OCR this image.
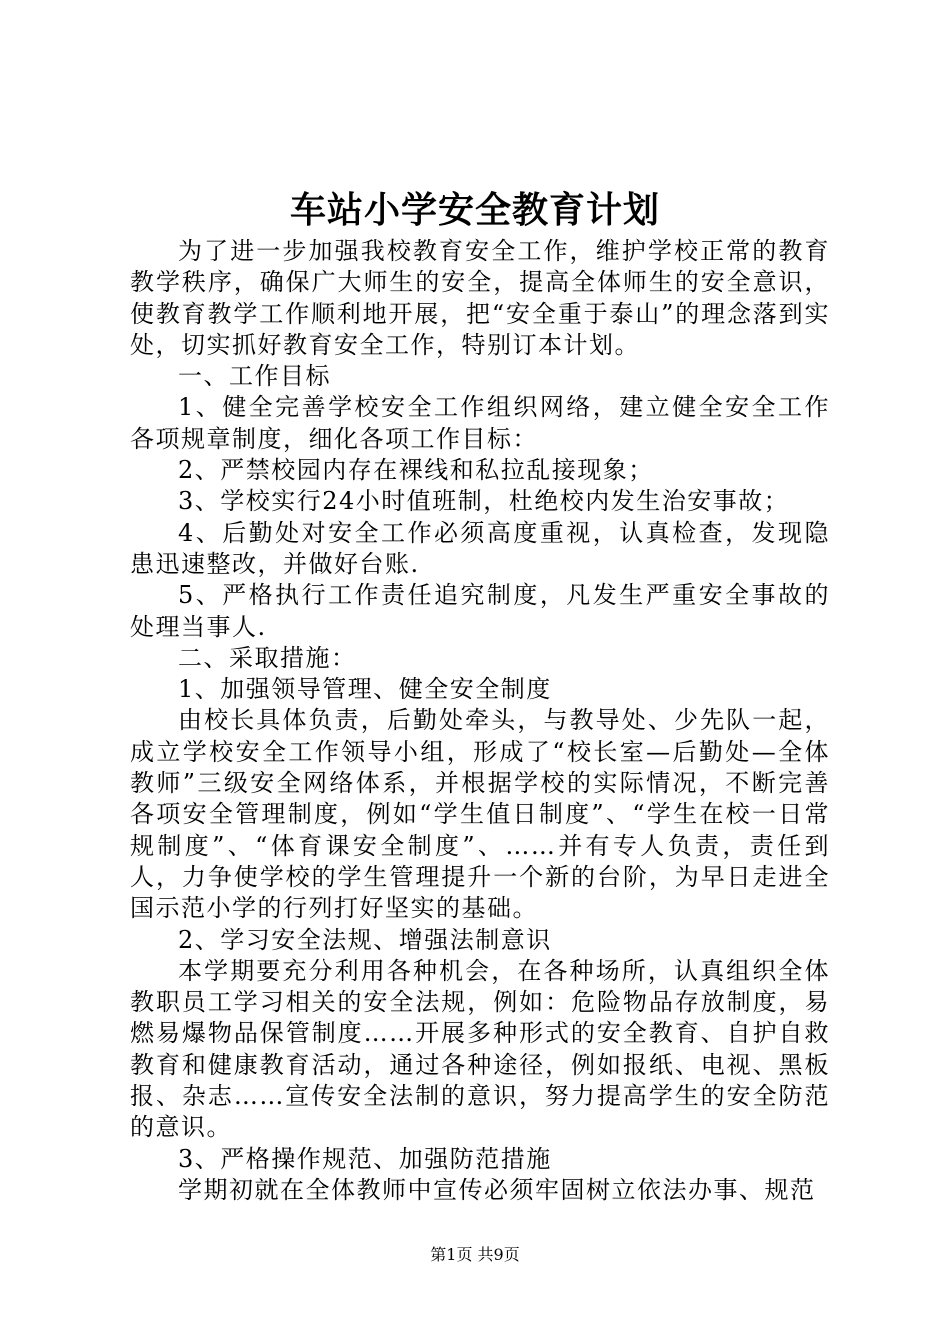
车站小学安全教育计划

为了进一步加强我校教育安全工作，维护学校正常的教育教学秩序，确保广大师生的安全，提高全体师生的安全意识，使教育教学工作顺利地开展，把“安全重于泰山”的理念落到实处，切实抓好教育安全工作，特别订本计划。

一、工作目标

1、健全完善学校安全工作组织网络，建立健全安全工作各项规章制度，细化各项工作目标：

2、严禁校园内存在裸线和私拉乱接现象；

3、学校实行24小时值班制，杜绝校内发生治安事故；

4、后勤处对安全工作必须高度重视，认真检查，发现隐患迅速整改，并做好台账.

5、严格执行工作责任追究制度，凡发生严重安全事故的处理当事人.

二、采取措施：

1、加强领导管理、健全安全制度

由校长具体负责，后勤处牵头，与教导处、少先队一起，成立学校安全工作领导小组，形成了“校长室—后勤处—全体教师”三级安全网络体系，并根据学校的实际情况，不断完善各项安全管理制度，例如“学生值日制度”、“学生在校一日常规制度”、“体育课安全制度”、……并有专人负责，责任到人，力争使学校的学生管理提升一个新的台阶，为早日走进全国示范小学的行列打好坚实的基础。

2、学习安全法规、增强法制意识

本学期要充分利用各种机会，在各种场所，认真组织全体教职员工学习相关的安全法规，例如：危险物品存放制度，易燃易爆物品保管制度……开展多种形式的安全教育、自护自救教育和健康教育活动，通过各种途径，例如报纸、电视、黑板报、杂志……宣传安全法制的意识，努力提高学生的安全防范的意识。

3、严格操作规范、加强防范措施

学期初就在全体教师中宣传必须牢固树立依法办事、规范

第1页 共9页
